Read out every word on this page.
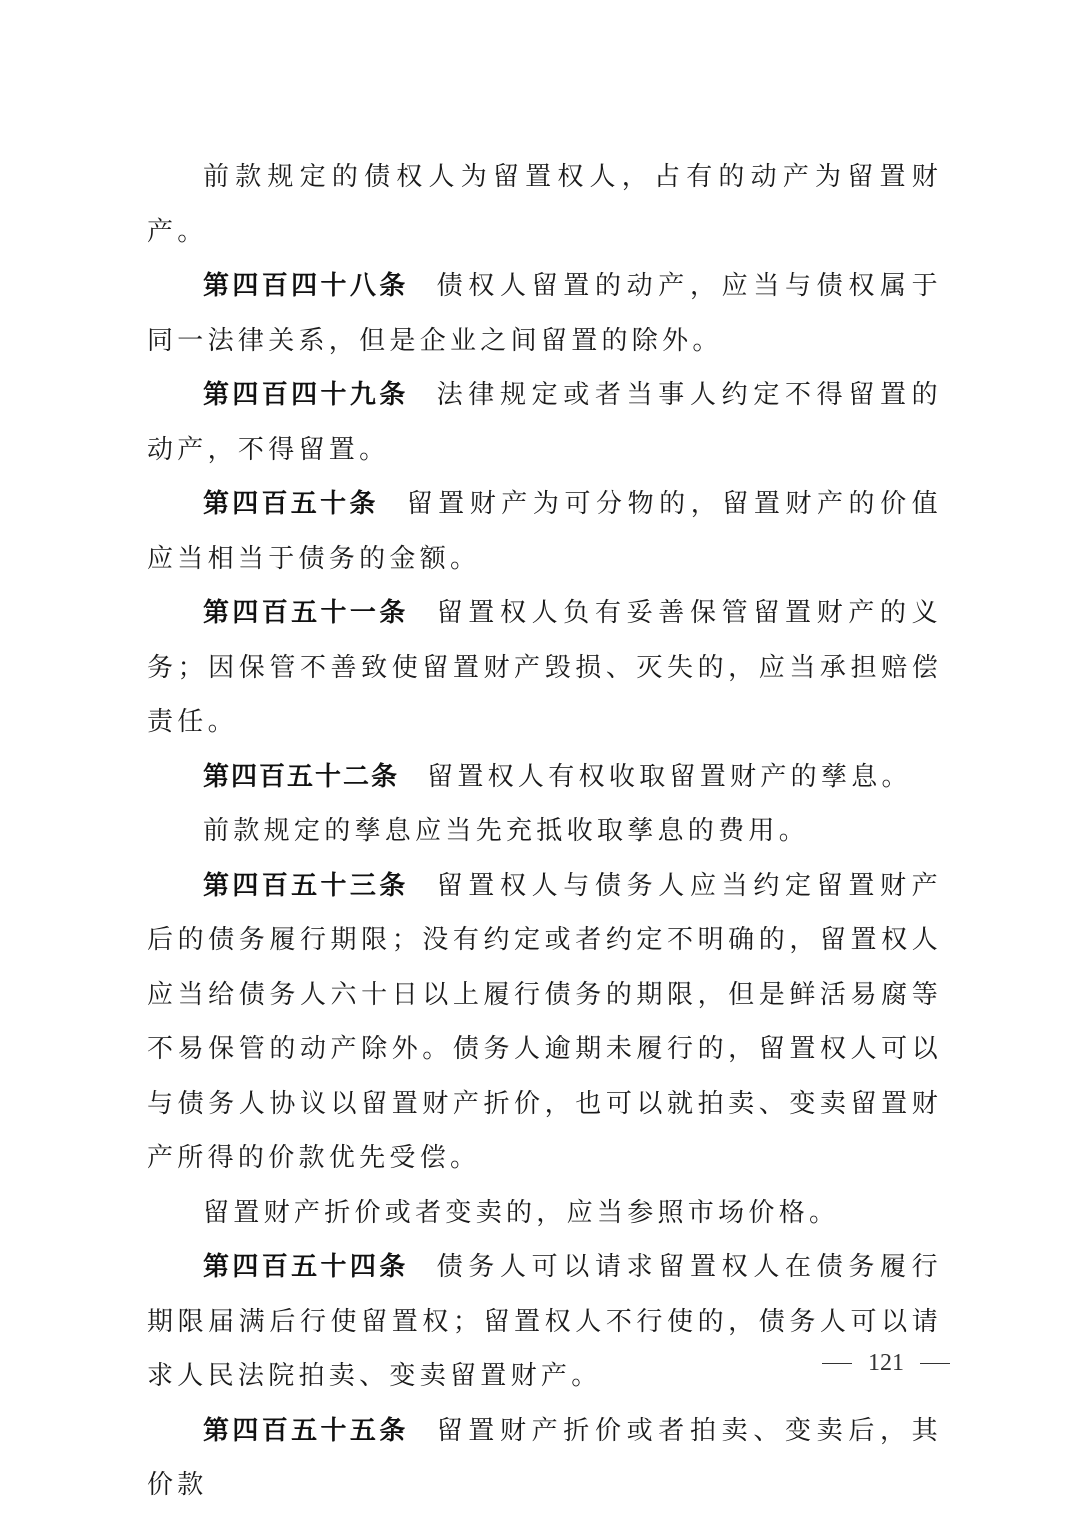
前款规定的债权人为留置权人，占有的动产为留置财产。

第四百四十八条 债权人留置的动产，应当与债权属于同一法律关系，但是企业之间留置的除外。

第四百四十九条 法律规定或者当事人约定不得留置的动产，不得留置。

第四百五十条 留置财产为可分物的，留置财产的价值应当相当于债务的金额。

第四百五十一条 留置权人负有妥善保管留置财产的义务；因保管不善致使留置财产毁损、灭失的，应当承担赔偿责任。

第四百五十二条 留置权人有权收取留置财产的孳息。

前款规定的孳息应当先充抵收取孳息的费用。

第四百五十三条 留置权人与债务人应当约定留置财产后的债务履行期限；没有约定或者约定不明确的，留置权人应当给债务人六十日以上履行债务的期限，但是鲜活易腐等不易保管的动产除外。债务人逾期未履行的，留置权人可以与债务人协议以留置财产折价，也可以就拍卖、变卖留置财产所得的价款优先受偿。

留置财产折价或者变卖的，应当参照市场价格。

第四百五十四条 债务人可以请求留置权人在债务履行期限届满后行使留置权；留置权人不行使的，债务人可以请求人民法院拍卖、变卖留置财产。

第四百五十五条 留置财产折价或者拍卖、变卖后，其价款

121
